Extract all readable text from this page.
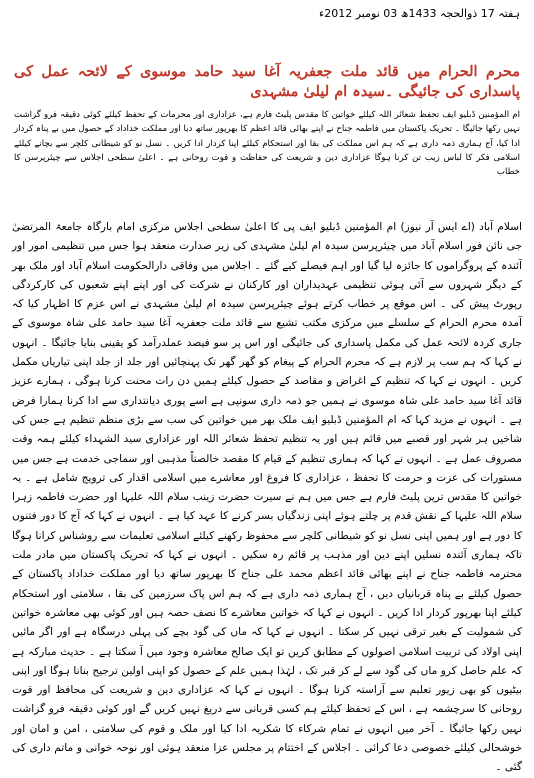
ہفتہ 17 ذوالحجہ 1433ھ 03 نومبر 2012ء
محرم الحرام میں قائد ملت جعفریہ آغا سید حامد موسوی کے لائحہ عمل کی پاسداری کی جائیگی ۔سیدہ ام لیلیٰ مشہدی
ام المؤمنین ڈبلیو ایف تحفظ شعائر اللہ کیلئے خواتین کا مقدس پلیٹ فارم ہے، عزاداری اور محرمات کے تحفظ کیلئے کوئی دقیقہ فرو گزاشت نہیں رکھا جائیگا ۔ تحریک پاکستان میں فاطمہ جناح نے اپنے بھائی قائد اعظم کا بھرپور ساتھ دیا اور مملکت خداداد کے حصول میں بے پناہ کردار ادا کیا، آج ہماری ذمہ داری ہے کہ ہم اس مملکت کی بقا اور استحکام کیلئے اپنا کردار ادا کریں ۔ نسل نو کو شیطانی کلچر سے بچانے کیلئے اسلامی فکر کا لباس زیب تن کرنا ہوگا عزاداری دین و شریعت کی حفاظت و قوت روحانی ہے ۔ اعلیٰ سطحی اجلاس سے چیئرپرسن کا خطاب

اسلام آباد (اے ایس آر نیوز) ام المؤمنین ڈبلیو ایف پی کا اعلیٰ سطحی اجلاس مرکزی امام بارگاہ جامعۃ المرتضیٰ جی نائن فور اسلام آباد میں چیئرپرسن سیدہ ام لیلیٰ مشہدی کی زیر صدارت منعقد ہوا جس میں تنظیمی امور اور آئندہ کے پروگراموں کا جائزہ لیا گیا اور اہم فیصلے کیے گئے ۔ اجلاس میں وفاقی دارالحکومت اسلام آباد اور ملک بھر کے دیگر شہروں سے آئی ہوئی تنظیمی عہدیداران اور کارکنان نے شرکت کی اور اپنے اپنے شعبوں کی کارکردگی رپورٹ پیش کی ۔ اس موقع پر خطاب کرتے ہوئے چیئرپرسن سیدہ ام لیلیٰ مشہدی نے اس عزم کا اظہار کیا کہ آمدہ محرم الحرام کے سلسلے میں مرکزی مکتب تشیع سے قائد ملت جعفریہ آغا سید حامد علی شاہ موسوی کے جاری کردہ لائحہ عمل کی مکمل پاسداری کی جائیگی اور اس پر سو فیصد عملدرآمد کو یقینی بنایا جائیگا ۔ انہوں نے کہا کہ ہم سب پر لازم ہے کہ محرم الحرام کے پیغام کو گھر گھر تک پہنچائیں اور جلد از جلد اپنی تیاریاں مکمل کریں ۔ انہوں نے کہا کہ تنظیم کے اغراض و مقاصد کے حصول کیلئے ہمیں دن رات محنت کرنا ہوگی ، ہمارے عزیز قائد آغا سید حامد علی شاہ موسوی نے ہمیں جو ذمہ داری سونپی ہے اسے پوری دیانتداری سے ادا کرنا ہمارا فرض ہے ۔ انہوں نے مزید کہا کہ ام المؤمنین ڈبلیو ایف ملک بھر میں خواتین کی سب سے بڑی منظم تنظیم ہے جس کی شاخیں ہر شہر اور قصبے میں قائم ہیں اور یہ تنظیم تحفظ شعائر اللہ اور عزاداری سید الشہداء کیلئے ہمہ وقت مصروف عمل ہے ۔ انہوں نے کہا کہ ہماری تنظیم کے قیام کا مقصد خالصتاً مذہبی اور سماجی خدمت ہے جس میں مستورات کی عزت و حرمت کا تحفظ ، عزاداری کا فروغ اور معاشرے میں اسلامی اقدار کی ترویج شامل ہے ۔ یہ خواتین کا مقدس ترین پلیٹ فارم ہے جس میں ہم نے سیرت حضرت زینب سلام اللہ علیہا اور حضرت فاطمہ زہرا سلام اللہ علیہا کے نقش قدم پر چلتے ہوئے اپنی زندگیاں بسر کرنے کا عہد کیا ہے ۔ انہوں نے کہا کہ آج کا دور فتنوں کا دور ہے اور ہمیں اپنی نسل نو کو شیطانی کلچر سے محفوظ رکھنے کیلئے اسلامی تعلیمات سے روشناس کرانا ہوگا تاکہ ہماری آئندہ نسلیں اپنے دین اور مذہب پر قائم رہ سکیں ۔ انہوں نے کہا کہ تحریک پاکستان میں مادر ملت محترمہ فاطمہ جناح نے اپنے بھائی قائد اعظم محمد علی جناح کا بھرپور ساتھ دیا اور مملکت خداداد پاکستان کے حصول کیلئے بے پناہ قربانیاں دیں ، آج ہماری ذمہ داری ہے کہ ہم اس پاک سرزمین کی بقا ، سلامتی اور استحکام کیلئے اپنا بھرپور کردار ادا کریں ۔ انہوں نے کہا کہ خواتین معاشرے کا نصف حصہ ہیں اور کوئی بھی معاشرہ خواتین کی شمولیت کے بغیر ترقی نہیں کر سکتا ۔ انہوں نے کہا کہ ماں کی گود بچے کی پہلی درسگاہ ہے اور اگر مائیں اپنی اولاد کی تربیت اسلامی اصولوں کے مطابق کریں تو ایک صالح معاشرہ وجود میں آ سکتا ہے ۔ حدیث مبارکہ ہے کہ علم حاصل کرو ماں کی گود سے لے کر قبر تک ، لہٰذا ہمیں علم کے حصول کو اپنی اولین ترجیح بنانا ہوگا اور اپنی بیٹیوں کو بھی زیور تعلیم سے آراستہ کرنا ہوگا ۔ انہوں نے کہا کہ عزاداری دین و شریعت کی محافظ اور قوت روحانی کا سرچشمہ ہے ، اس کے تحفظ کیلئے ہم کسی قربانی سے دریغ نہیں کریں گے اور کوئی دقیقہ فرو گزاشت نہیں رکھا جائیگا ۔ آخر میں انہوں نے تمام شرکاء کا شکریہ ادا کیا اور ملک و قوم کی سلامتی ، امن و امان اور خوشحالی کیلئے خصوصی دعا کرائی ۔ اجلاس کے اختتام پر مجلس عزا منعقد ہوئی اور نوحہ خوانی و ماتم داری کی گئی ۔
